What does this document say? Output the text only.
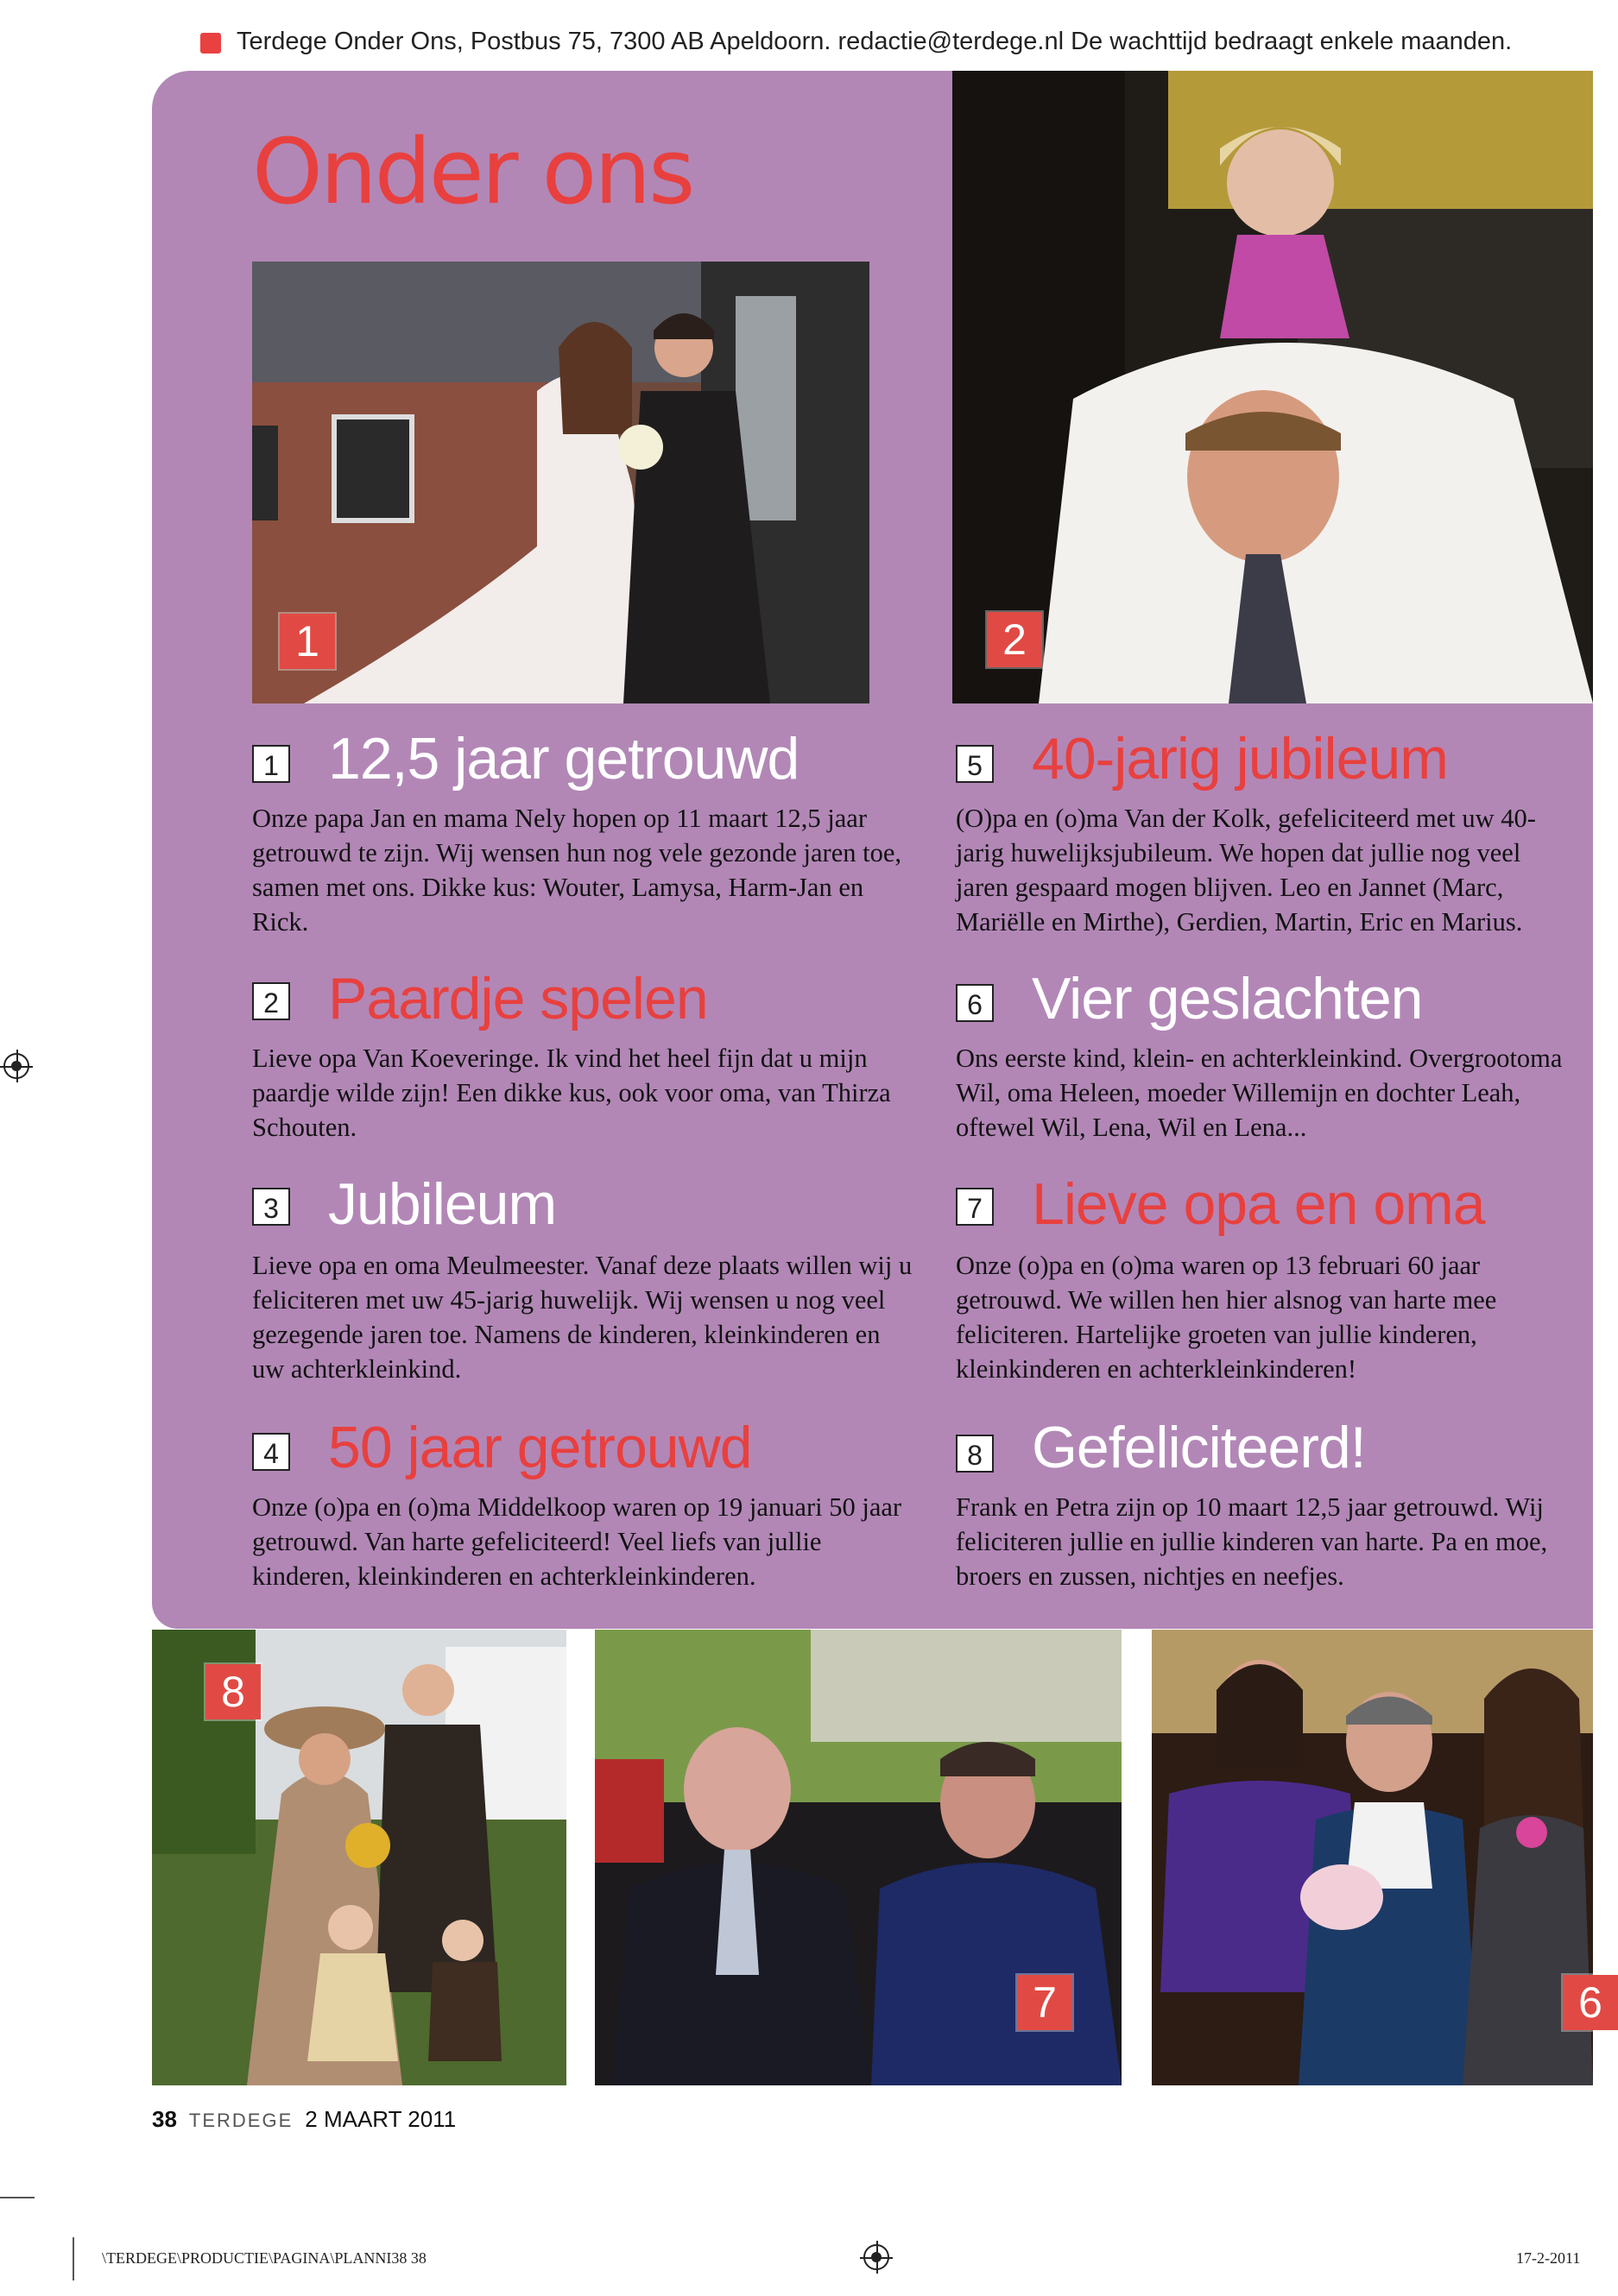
Terdege Onder Ons, Postbus 75, 7300 AB Apeldoorn. redactie@terdege.nl De wachttijd bedraagt enkele maanden.
Onder ons
1	2
1 12,5 jaar getrouwd
Onze papa Jan en mama Nely hopen op 11 maart 12,5 jaar getrouwd te zijn. Wij wensen hun nog vele gezonde jaren toe, samen met ons. Dikke kus: Wouter, Lamysa, Harm-Jan en Rick.
2 Paardje spelen
Lieve opa Van Koeveringe. Ik vind het heel fijn dat u mijn paardje wilde zijn! Een dikke kus, ook voor oma, van Thirza Schouten.
3 Jubileum
Lieve opa en oma Meulmeester. Vanaf deze plaats willen wij u feliciteren met uw 45-jarig huwelijk. Wij wensen u nog veel gezegende jaren toe. Namens de kinderen, kleinkinderen en uw achterkleinkind.
4 50 jaar getrouwd
Onze (o)pa en (o)ma Middelkoop waren op 19 januari 50 jaar getrouwd. Van harte gefeliciteerd! Veel liefs van jullie kinderen, kleinkinderen en achterkleinkinderen.
5 40-jarig jubileum
(O)pa en (o)ma Van der Kolk, gefeliciteerd met uw 40-jarig huwelijksjubileum. We hopen dat jullie nog veel jaren gespaard mogen blijven. Leo en Jannet (Marc, Mariëlle en Mirthe), Gerdien, Martin, Eric en Marius.
6 Vier geslachten
Ons eerste kind, klein- en achterkleinkind. Overgrootoma Wil, oma Heleen, moeder Willemijn en dochter Leah, oftewel Wil, Lena, Wil en Lena...
7 Lieve opa en oma
Onze (o)pa en (o)ma waren op 13 februari 60 jaar getrouwd. We willen hen hier alsnog van harte mee feliciteren. Hartelijke groeten van jullie kinderen, kleinkinderen en achterkleinkinderen!
8 Gefeliciteerd!
Frank en Petra zijn op 10 maart 12,5 jaar getrouwd. Wij feliciteren jullie en jullie kinderen van harte. Pa en moe, broers en zussen, nichtjes en neefjes.
8
7	6
38 TERDEGE 2 MAART 2011
\TERDEGE\PRODUCTIE\PAGINA\PLANNI38 38	17-2-2011
